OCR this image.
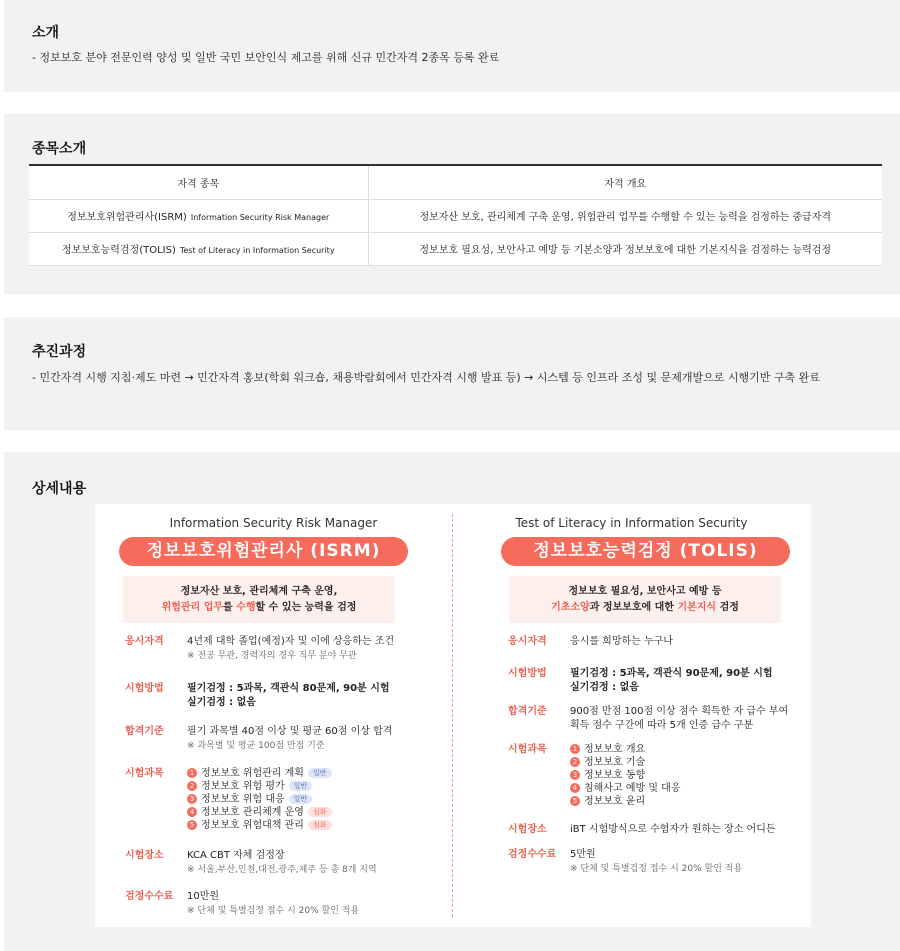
소개
- 정보보호 분야 전문인력 양성 및 일반 국민 보안인식 제고를 위해 신규 민간자격 2종목 등록 완료
종목소개
자격 종목	자격 개요
정보보호위험관리사(ISRM) Information Security Risk Manager	정보자산 보호, 관리체계 구축 운영, 위험관리 업무를 수행할 수 있는 능력을 검정하는 중급자격
정보보호능력검정(TOLIS) Test of Literacy in Information Security	정보보호 필요성, 보안사고 예방 등 기본소양과 정보보호에 대한 기본지식을 검정하는 능력검정
추진과정
- 민간자격 시행 지침·제도 마련 → 민간자격 홍보(학회 워크숍, 채용박람회에서 민간자격 시행 발표 등) → 시스템 등 인프라 조성 및 문제개발으로 시행기반 구축 완료
상세내용
Information Security Risk Manager
정보보호위험관리사 (ISRM)
정보자산 보호, 관리체계 구축 운영,
위험관리 업무를 수행할 수 있는 능력을 검정
응시자격	4년제 대학 졸업(예정)자 및 이에 상응하는 조건
※ 전공 무관, 경력자의 경우 직무 분야 무관
시험방법	필기검정 : 5과목, 객관식 80문제, 90분 시험
실기검정 : 없음
합격기준	필기 과목별 40점 이상 및 평균 60점 이상 합격
※ 과목별 및 평균 100점 만점 기준
시험과목	1 정보보호 위험관리 계획 일반
2 정보보호 위험 평가 일반
3 정보보호 위험 대응 일반
4 정보보호 관리체계 운영 심화
5 정보보호 위험대책 관리 심화
시험장소	KCA CBT 자체 검정장
※ 서울,부산,인천,대전,광주,제주 등 총 8개 지역
검정수수료	10만원
※ 단체 및 특별검정 접수 시 20% 할인 적용
Test of Literacy in Information Security
정보보호능력검정 (TOLIS)
정보보호 필요성, 보안사고 예방 등
기초소양과 정보보호에 대한 기본지식 검정
응시자격	응시를 희망하는 누구나
시험방법	필기검정 : 5과목, 객관식 90문제, 90분 시험
실기검정 : 없음
합격기준	900점 만점 100점 이상 점수 획득한 자 급수 부여
획득 점수 구간에 따라 5개 인증 급수 구분
시험과목	1 정보보호 개요
2 정보보호 기술
3 정보보호 동향
4 침해사고 예방 및 대응
5 정보보호 윤리
시험장소	iBT 시험방식으로 수험자가 원하는 장소 어디든
검정수수료	5만원
※ 단체 및 특별검정 접수 시 20% 할인 적용
